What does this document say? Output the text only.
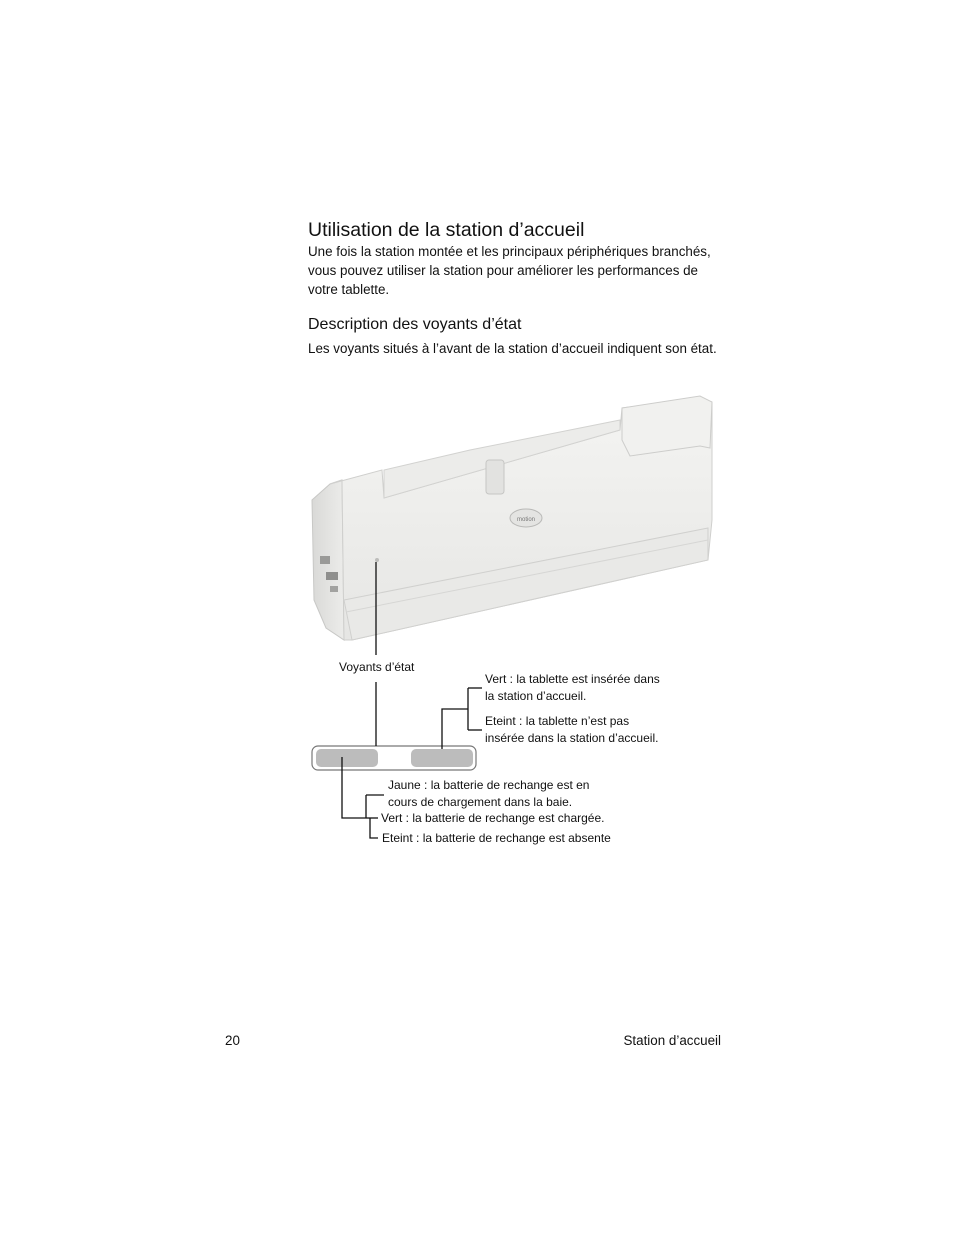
Utilisation de la station d’accueil
Une fois la station montée et les principaux périphériques branchés, vous pouvez utiliser la station pour améliorer les performances de votre tablette.
Description des voyants d’état
Les voyants situés à l’avant de la station d’accueil indiquent son état.
motion
Voyants d’état
Vert : la tablette est insérée dans
la station d’accueil.
Eteint : la tablette n’est pas
insérée dans la station d’accueil.
Jaune : la batterie de rechange est en
cours de chargement dans la baie.
Vert : la batterie de rechange est chargée.
Eteint : la batterie de rechange est absente
20	Station d’accueil
